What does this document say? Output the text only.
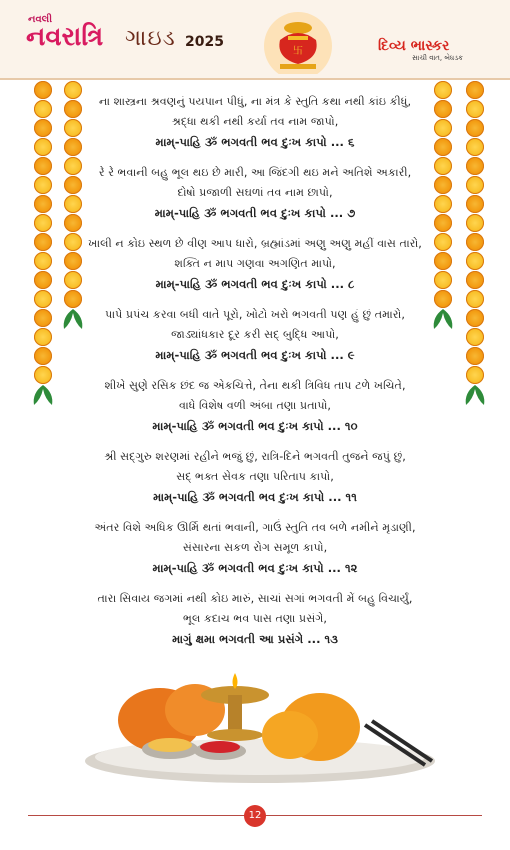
નવલી
નવરાત્રિ ગાઇડ 2025
卐	દિવ્ય ભાસ્કર
સાચી વાત, બેધડક
ના શાસ્ત્રના શ્રવણનું પયપાન પીધું, ના મંત્ર કે સ્તુતિ કથા નથી કાંઇ કીધું,
શ્રદ્ધા થકી નથી કર્યા તવ નામ જાપો,
મામ્-પાહિ ૐ ભગવતી ભવ દુઃખ કાપો ... ૬
રે રે ભવાની બહુ ભૂલ થઇ છે મારી, આ જિંદગી થઇ મને અતિશે અકારી,
દોષો પ્રજાળી સઘળાં તવ નામ છાપો,
મામ્-પાહિ ૐ ભગવતી ભવ દુઃખ કાપો ... ૭
ખાલી ન કોઇ સ્થળ છે વીણ આપ ધારો, બ્રહ્માંડમાં અણુ અણુ મહીં વાસ તારો,
શક્તિ ન માપ ગણવા અગણિત માપો,
મામ્-પાહિ ૐ ભગવતી ભવ દુઃખ કાપો ... ૮
પાપે પ્રપંચ કરવા બધી વાતે પૂરો, ખોટો ખરો ભગવતી પણ હું છું તમારો,
જાડ્યાંધકાર દૂર કરી સદ્ બુદ્ધિ આપો,
મામ્-પાહિ ૐ ભગવતી ભવ દુઃખ કાપો ... ૯
શીખે સુણે રસિક છંદ જ એકચિત્તે, તેના થકી ત્રિવિધ તાપ ટળે ખચિતે,
વાધે વિશેષ વળી અંબા તણા પ્રતાપો,
મામ્-પાહિ ૐ ભગવતી ભવ દુઃખ કાપો ... ૧૦
શ્રી સદ્ગુરુ શરણમાં રહીને ભજું છું, રાત્રિ-દિને ભગવતી તુજને જપું છું,
સદ્ ભક્ત સેવક તણા પરિતાપ કાપો,
મામ્-પાહિ ૐ ભગવતી ભવ દુઃખ કાપો ... ૧૧
અંતર વિશે અધિક ઊર્મિ થતાં ભવાની, ગાઉં સ્તુતિ તવ બળે નમીને મૃડાણી,
સંસારના સકળ રોગ સમૂળ કાપો,
મામ્-પાહિ ૐ ભગવતી ભવ દુઃખ કાપો ... ૧૨
તારા સિવાય જગમાં નથી કોઇ મારું, સાચાં સગાં ભગવતી મેં બહુ વિચાર્યું,
ભૂલ કદાચ ભવ પાસ તણા પ્રસંગે,
માગું ક્ષમા ભગવતી આ પ્રસંગે ... ૧૩
12
